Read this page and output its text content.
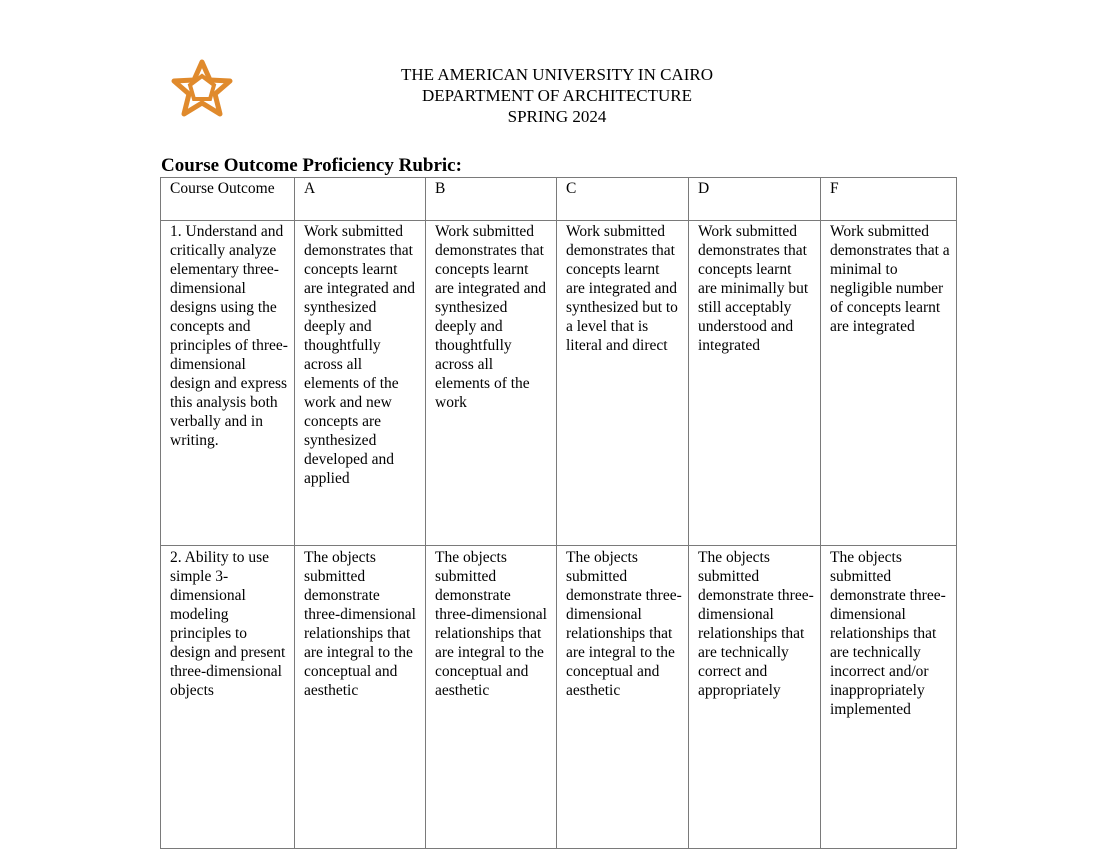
THE AMERICAN UNIVERSITY IN CAIRO
DEPARTMENT OF ARCHITECTURE
SPRING 2024
Course Outcome Proficiency Rubric:
Course Outcome	A	B	C	D	F
1. Understand and critically analyze elementary three-dimensional designs using the concepts and principles of three-dimensional design and express this analysis both verbally and in writing.	Work submitted demonstrates that concepts learnt are integrated and synthesized deeply and thoughtfully across all elements of the work and new concepts are synthesized developed and applied	Work submitted demonstrates that concepts learnt are integrated and synthesized deeply and thoughtfully across all elements of the work	Work submitted demonstrates that concepts learnt are integrated and synthesized but to a level that is literal and direct	Work submitted demonstrates that concepts learnt are minimally but still acceptably understood and integrated	Work submitted demonstrates that a minimal to negligible number of concepts learnt are integrated
2. Ability to use simple 3-dimensional modeling principles to design and present three-dimensional objects	The objects submitted demonstrate three-dimensional relationships that are integral to the conceptual and aesthetic	The objects submitted demonstrate three-dimensional relationships that are integral to the conceptual and aesthetic	The objects submitted demonstrate three-dimensional relationships that are integral to the conceptual and aesthetic	The objects submitted demonstrate three-dimensional relationships that are technically correct and appropriately	The objects submitted demonstrate three-dimensional relationships that are technically incorrect and/or inappropriately implemented
